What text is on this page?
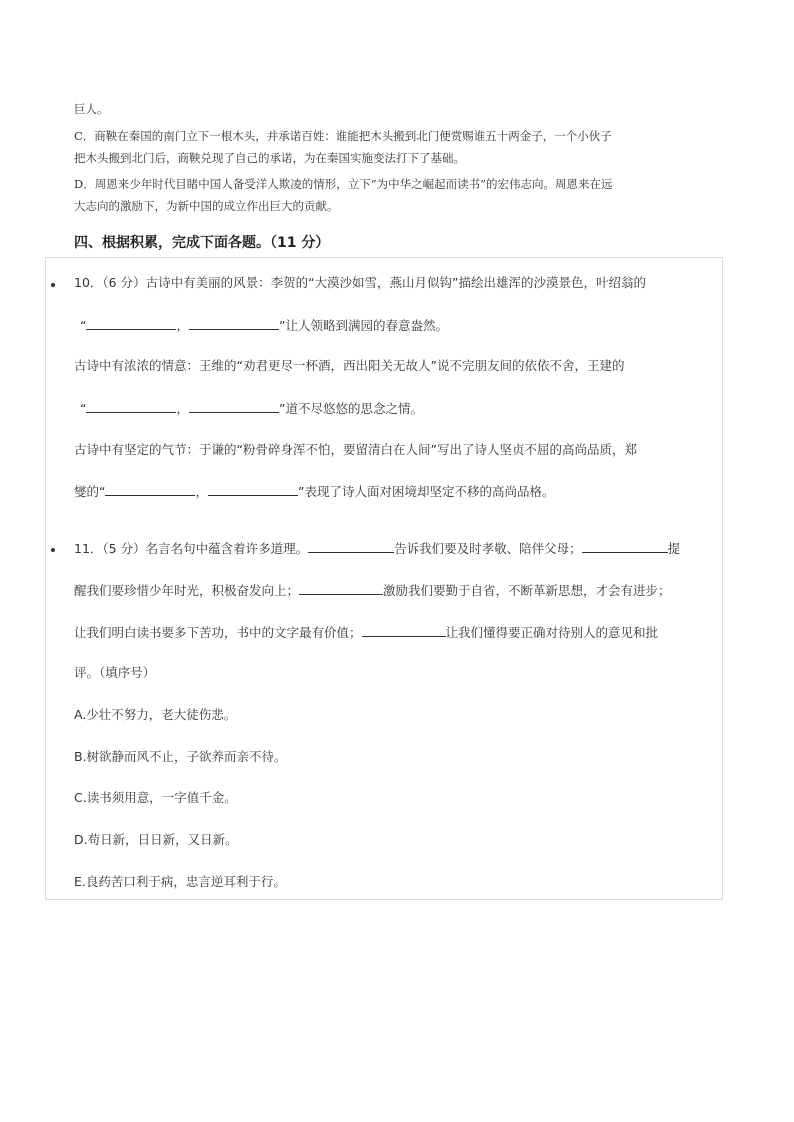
巨人。
C．商鞅在秦国的南门立下一根木头，并承诺百姓：谁能把木头搬到北门便赏赐谁五十两金子，一个小伙子
把木头搬到北门后，商鞅兑现了自己的承诺，为在秦国实施变法打下了基础。
D．周恩来少年时代目睹中国人备受洋人欺凌的情形，立下“为中华之崛起而读书”的宏伟志向。周恩来在远
大志向的激励下，为新中国的成立作出巨大的贡献。
四、根据积累，完成下面各题。（11 分）
10．（6 分）古诗中有美丽的风景：李贺的“大漠沙如雪，燕山月似钩”描绘出雄浑的沙漠景色，叶绍翁的
“	，	”让人领略到满园的春意盎然。
古诗中有浓浓的情意：王维的“劝君更尽一杯酒，西出阳关无故人”说不完朋友间的依依不舍，王建的
“	，	”道不尽悠悠的思念之情。
古诗中有坚定的气节：于谦的“粉骨碎身浑不怕，要留清白在人间”写出了诗人坚贞不屈的高尚品质，郑
燮的“	，	”表现了诗人面对困境却坚定不移的高尚品格。
11．（5 分）名言名句中蕴含着许多道理。	告诉我们要及时孝敬、陪伴父母；	提
醒我们要珍惜少年时光，积极奋发向上；	激励我们要勤于自省，不断革新思想，才会有进步；
让我们明白读书要多下苦功，书中的文字最有价值；	让我们懂得要正确对待别人的意见和批
评。（填序号）
A.少壮不努力，老大徒伤悲。
B.树欲静而风不止，子欲养而亲不待。
C.读书须用意，一字值千金。
D.苟日新，日日新，又日新。
E.良药苦口利于病，忠言逆耳利于行。
